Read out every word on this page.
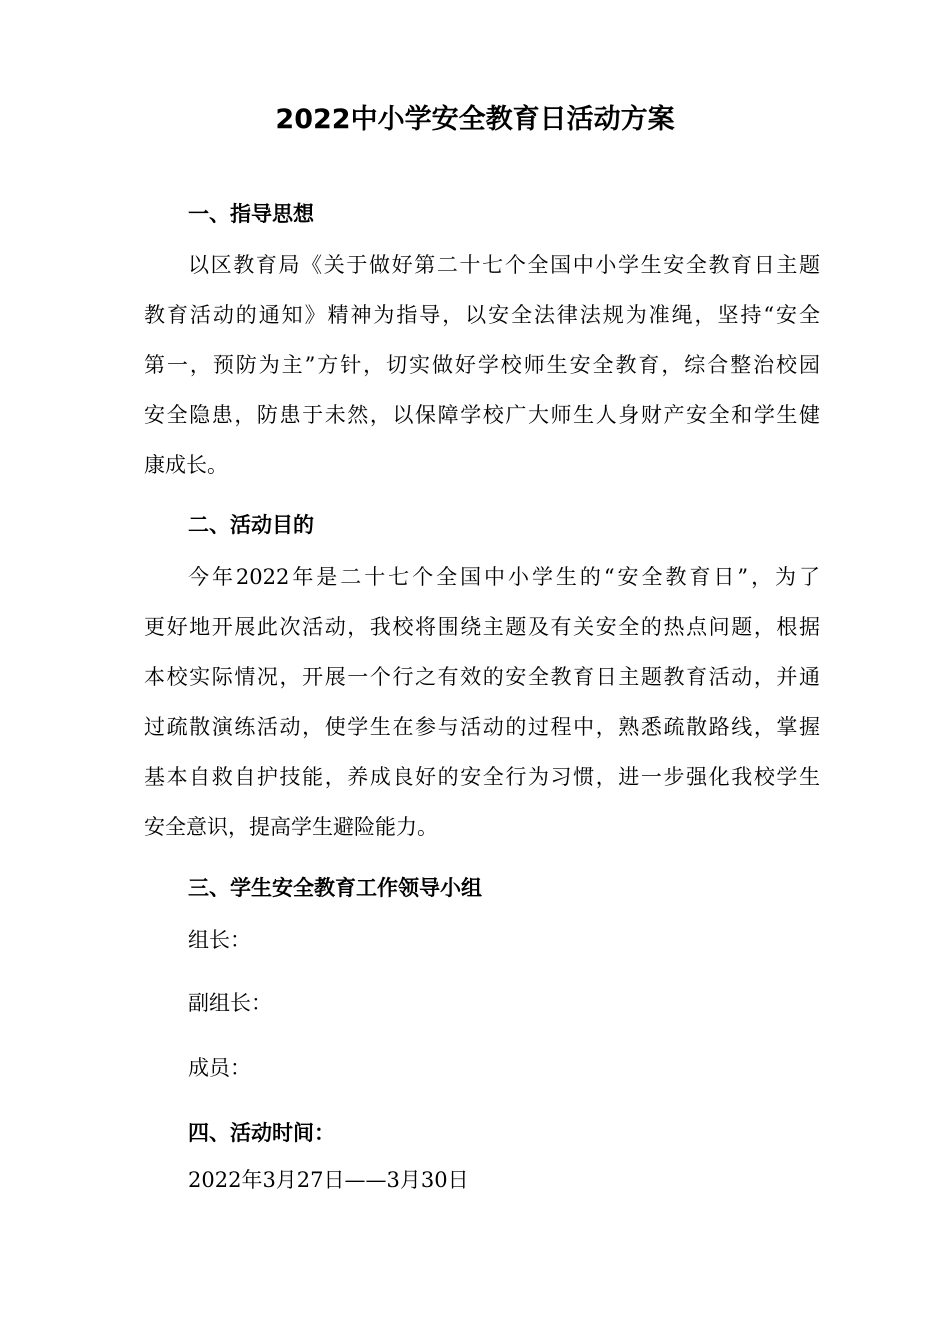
2022中小学安全教育日活动方案
一、指导思想
以区教育局《关于做好第二十七个全国中小学生安全教育日主题
教育活动的通知》精神为指导，以安全法律法规为准绳，坚持“安全
第一，预防为主”方针，切实做好学校师生安全教育，综合整治校园
安全隐患，防患于未然，以保障学校广大师生人身财产安全和学生健
康成长。
二、活动目的
今年2022年是二十七个全国中小学生的“安全教育日”，为了
更好地开展此次活动，我校将围绕主题及有关安全的热点问题，根据
本校实际情况，开展一个行之有效的安全教育日主题教育活动，并通
过疏散演练活动，使学生在参与活动的过程中，熟悉疏散路线，掌握
基本自救自护技能，养成良好的安全行为习惯，进一步强化我校学生
安全意识，提高学生避险能力。
三、学生安全教育工作领导小组

组长：

副组长：

成员：

四、活动时间：

2022年3月27日——3月30日
